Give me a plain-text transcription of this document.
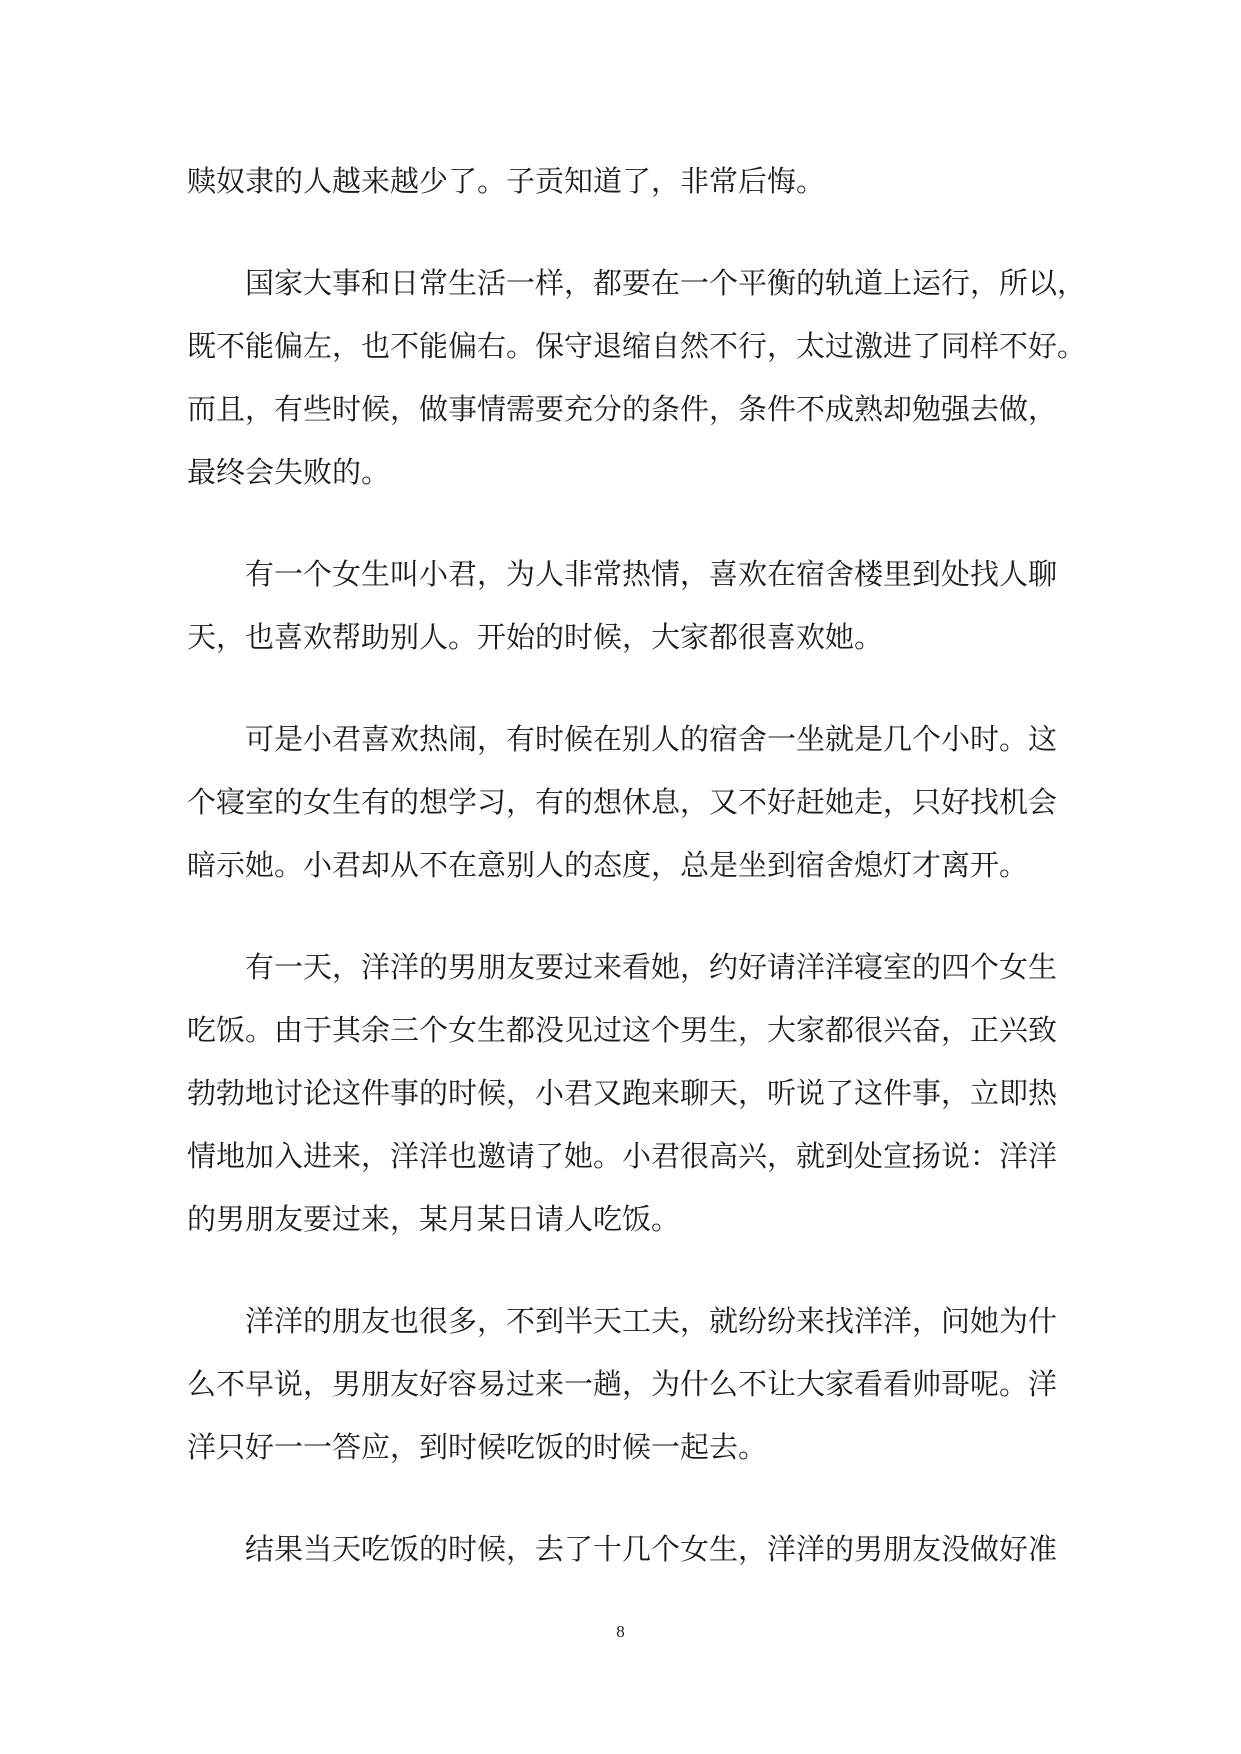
赎奴隶的人越来越少了。子贡知道了，非常后悔。

国家大事和日常生活一样，都要在一个平衡的轨道上运行，所以，
既不能偏左，也不能偏右。保守退缩自然不行，太过激进了同样不好。
而且，有些时候，做事情需要充分的条件，条件不成熟却勉强去做，
最终会失败的。

有一个女生叫小君，为人非常热情，喜欢在宿舍楼里到处找人聊
天，也喜欢帮助别人。开始的时候，大家都很喜欢她。

可是小君喜欢热闹，有时候在别人的宿舍一坐就是几个小时。这
个寝室的女生有的想学习，有的想休息，又不好赶她走，只好找机会
暗示她。小君却从不在意别人的态度，总是坐到宿舍熄灯才离开。

有一天，洋洋的男朋友要过来看她，约好请洋洋寝室的四个女生
吃饭。由于其余三个女生都没见过这个男生，大家都很兴奋，正兴致
勃勃地讨论这件事的时候，小君又跑来聊天，听说了这件事，立即热
情地加入进来，洋洋也邀请了她。小君很高兴，就到处宣扬说：洋洋
的男朋友要过来，某月某日请人吃饭。

洋洋的朋友也很多，不到半天工夫，就纷纷来找洋洋，问她为什
么不早说，男朋友好容易过来一趟，为什么不让大家看看帅哥呢。洋
洋只好一一答应，到时候吃饭的时候一起去。

结果当天吃饭的时候，去了十几个女生，洋洋的男朋友没做好准

8
